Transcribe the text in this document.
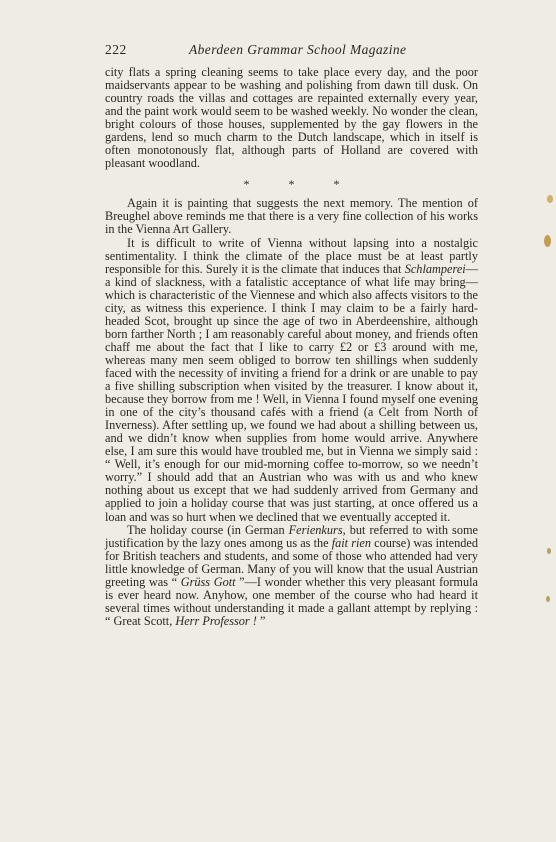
222	Aberdeen Grammar School Magazine

city flats a spring cleaning seems to take place every day, and the poor maidservants appear to be washing and polishing from dawn till dusk. On country roads the villas and cottages are repainted externally every year, and the paint work would seem to be washed weekly. No wonder the clean, bright colours of those houses, supplemented by the gay flowers in the gardens, lend so much charm to the Dutch landscape, which in itself is often monotonously flat, although parts of Holland are covered with pleasant woodland.

* * *

Again it is painting that suggests the next memory. The mention of Breughel above reminds me that there is a very fine collection of his works in the Vienna Art Gallery.

It is difficult to write of Vienna without lapsing into a nostalgic sentimentality. I think the climate of the place must be at least partly responsible for this. Surely it is the climate that induces that Schlamperei—a kind of slackness, with a fatalistic acceptance of what life may bring—which is characteristic of the Viennese and which also affects visitors to the city, as witness this experience. I think I may claim to be a fairly hard-headed Scot, brought up since the age of two in Aberdeenshire, although born farther North ; I am reasonably careful about money, and friends often chaff me about the fact that I like to carry £2 or £3 around with me, whereas many men seem obliged to borrow ten shillings when suddenly faced with the necessity of inviting a friend for a drink or are unable to pay a five shilling subscription when visited by the treasurer. I know about it, because they borrow from me ! Well, in Vienna I found myself one evening in one of the city’s thousand cafés with a friend (a Celt from North of Inverness). After settling up, we found we had about a shilling between us, and we didn’t know when supplies from home would arrive. Anywhere else, I am sure this would have troubled me, but in Vienna we simply said : “ Well, it’s enough for our mid-morning coffee to-morrow, so we needn’t worry.” I should add that an Austrian who was with us and who knew nothing about us except that we had suddenly arrived from Germany and applied to join a holiday course that was just starting, at once offered us a loan and was so hurt when we declined that we eventually accepted it.

The holiday course (in German Ferienkurs, but referred to with some justification by the lazy ones among us as the fait rien course) was intended for British teachers and students, and some of those who attended had very little knowledge of German. Many of you will know that the usual Austrian greeting was “ Grüss Gott ”—I wonder whether this very pleasant formula is ever heard now. Anyhow, one member of the course who had heard it several times without understanding it made a gallant attempt by replying : “ Great Scott, Herr Professor ! ”
